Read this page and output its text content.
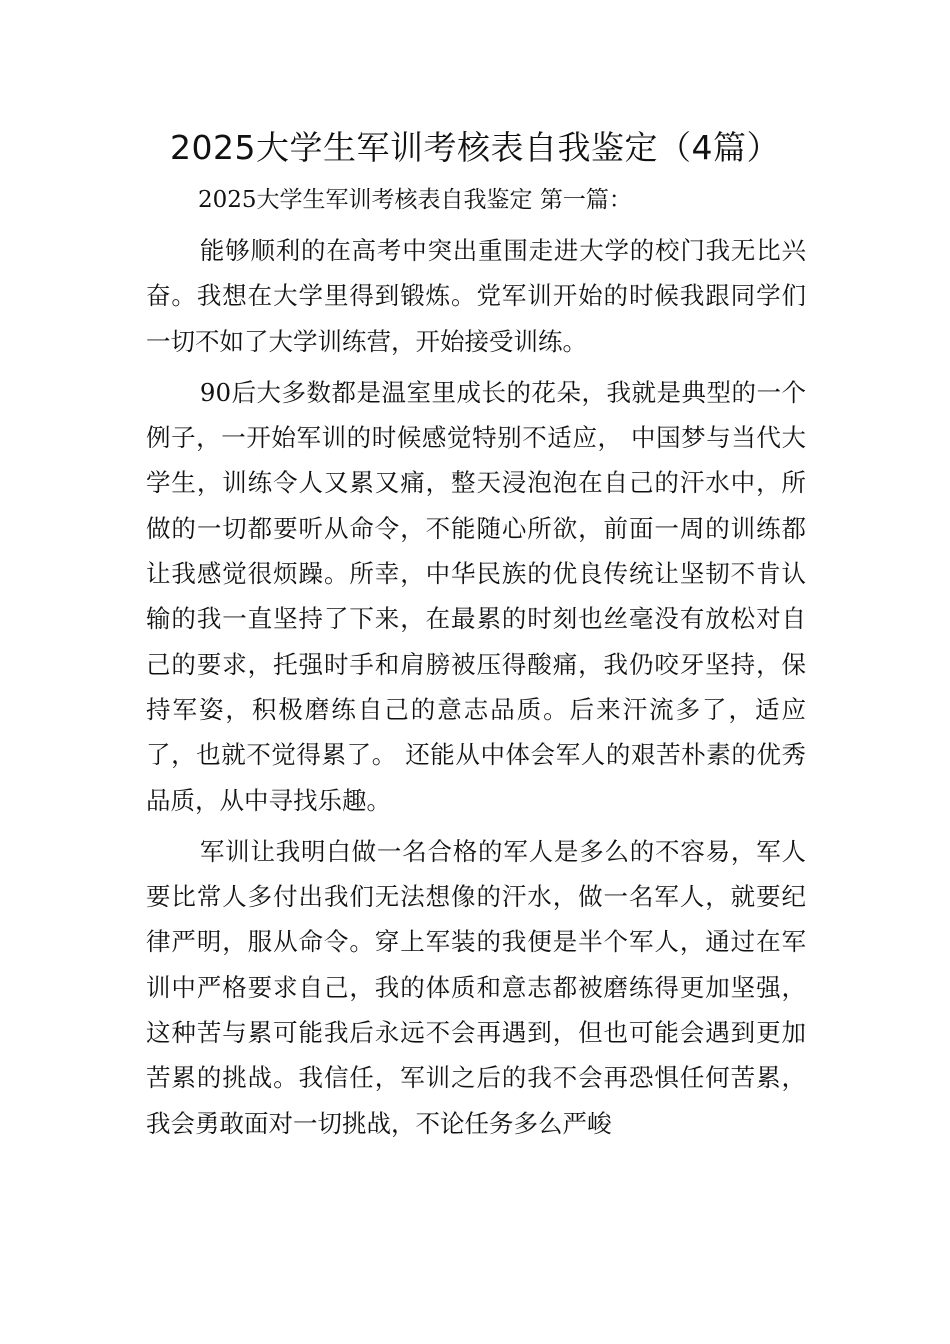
2025大学生军训考核表自我鉴定（4篇）

2025大学生军训考核表自我鉴定 第一篇：

能够顺利的在高考中突出重围走进大学的校门我无比兴奋。我想在大学里得到锻炼。党军训开始的时候我跟同学们一切不如了大学训练营，开始接受训练。

90后大多数都是温室里成长的花朵，我就是典型的一个例子，一开始军训的时候感觉特别不适应， 中国梦与当代大学生，训练令人又累又痛，整天浸泡泡在自己的汗水中，所做的一切都要听从命令，不能随心所欲，前面一周的训练都让我感觉很烦躁。所幸，中华民族的优良传统让坚韧不肯认输的我一直坚持了下来，在最累的时刻也丝毫没有放松对自己的要求，托强时手和肩膀被压得酸痛，我仍咬牙坚持，保持军姿，积极磨练自己的意志品质。后来汗流多了，适应了，也就不觉得累了。 还能从中体会军人的艰苦朴素的优秀品质，从中寻找乐趣。

军训让我明白做一名合格的军人是多么的不容易，军人要比常人多付出我们无法想像的汗水，做一名军人，就要纪律严明，服从命令。穿上军装的我便是半个军人，通过在军训中严格要求自己，我的体质和意志都被磨练得更加坚强，这种苦与累可能我后永远不会再遇到，但也可能会遇到更加苦累的挑战。我信任，军训之后的我不会再恐惧任何苦累，我会勇敢面对一切挑战，不论任务多么严峻
